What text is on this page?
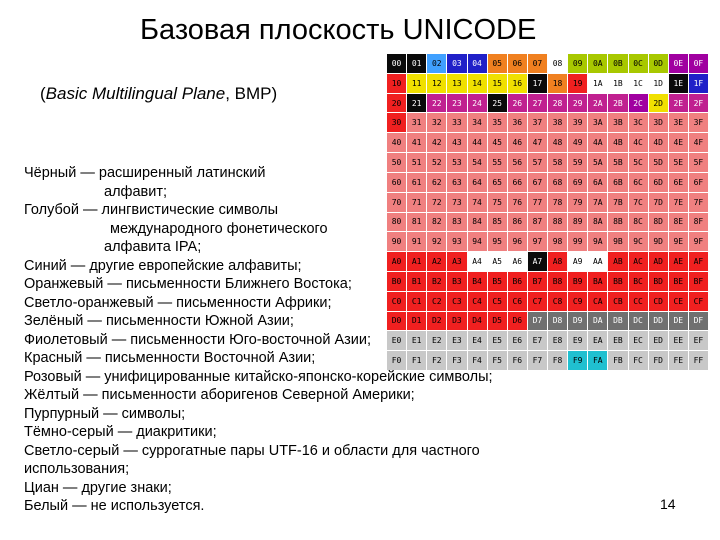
Базовая плоскость UNICODE
(Basic Multilingual Plane, BMP)
00	01	02	03	04	05	06	07	08	09	0A	0B	0C	0D	0E	0F
10	11	12	13	14	15	16	17	18	19	1A	1B	1C	1D	1E	1F
20	21	22	23	24	25	26	27	28	29	2A	2B	2C	2D	2E	2F
30	31	32	33	34	35	36	37	38	39	3A	3B	3C	3D	3E	3F
40	41	42	43	44	45	46	47	48	49	4A	4B	4C	4D	4E	4F
50	51	52	53	54	55	56	57	58	59	5A	5B	5C	5D	5E	5F
60	61	62	63	64	65	66	67	68	69	6A	6B	6C	6D	6E	6F
70	71	72	73	74	75	76	77	78	79	7A	7B	7C	7D	7E	7F
80	81	82	83	84	85	86	87	88	89	8A	8B	8C	8D	8E	8F
90	91	92	93	94	95	96	97	98	99	9A	9B	9C	9D	9E	9F
A0	A1	A2	A3	A4	A5	A6	A7	A8	A9	AA	AB	AC	AD	AE	AF
B0	B1	B2	B3	B4	B5	B6	B7	B8	B9	BA	BB	BC	BD	BE	BF
C0	C1	C2	C3	C4	C5	C6	C7	C8	C9	CA	CB	CC	CD	CE	CF
D0	D1	D2	D3	D4	D5	D6	D7	D8	D9	DA	DB	DC	DD	DE	DF
E0	E1	E2	E3	E4	E5	E6	E7	E8	E9	EA	EB	EC	ED	EE	EF
F0	F1	F2	F3	F4	F5	F6	F7	F8	F9	FA	FB	FC	FD	FE	FF
Чёрный — расширенный латинский
алфавит;
Голубой — лингвистические символы
международного фонетического
алфавита IPA;
Синий — другие европейские алфавиты;
Оранжевый — письменности Ближнего Востока;
Светло-оранжевый — письменности Африки;
Зелёный — письменности Южной Азии;
Фиолетовый — письменности Юго-восточной Азии;
Красный — письменности Восточной Азии;
Розовый — унифицированные китайско-японско-корейские символы;
Жёлтый — письменности аборигенов Северной Америки;
Пурпурный — символы;
Тёмно-серый — диакритики;
Светло-серый — суррогатные пары UTF-16 и области для частного
использования;
Циан — другие знаки;
Белый — не используется.	14
